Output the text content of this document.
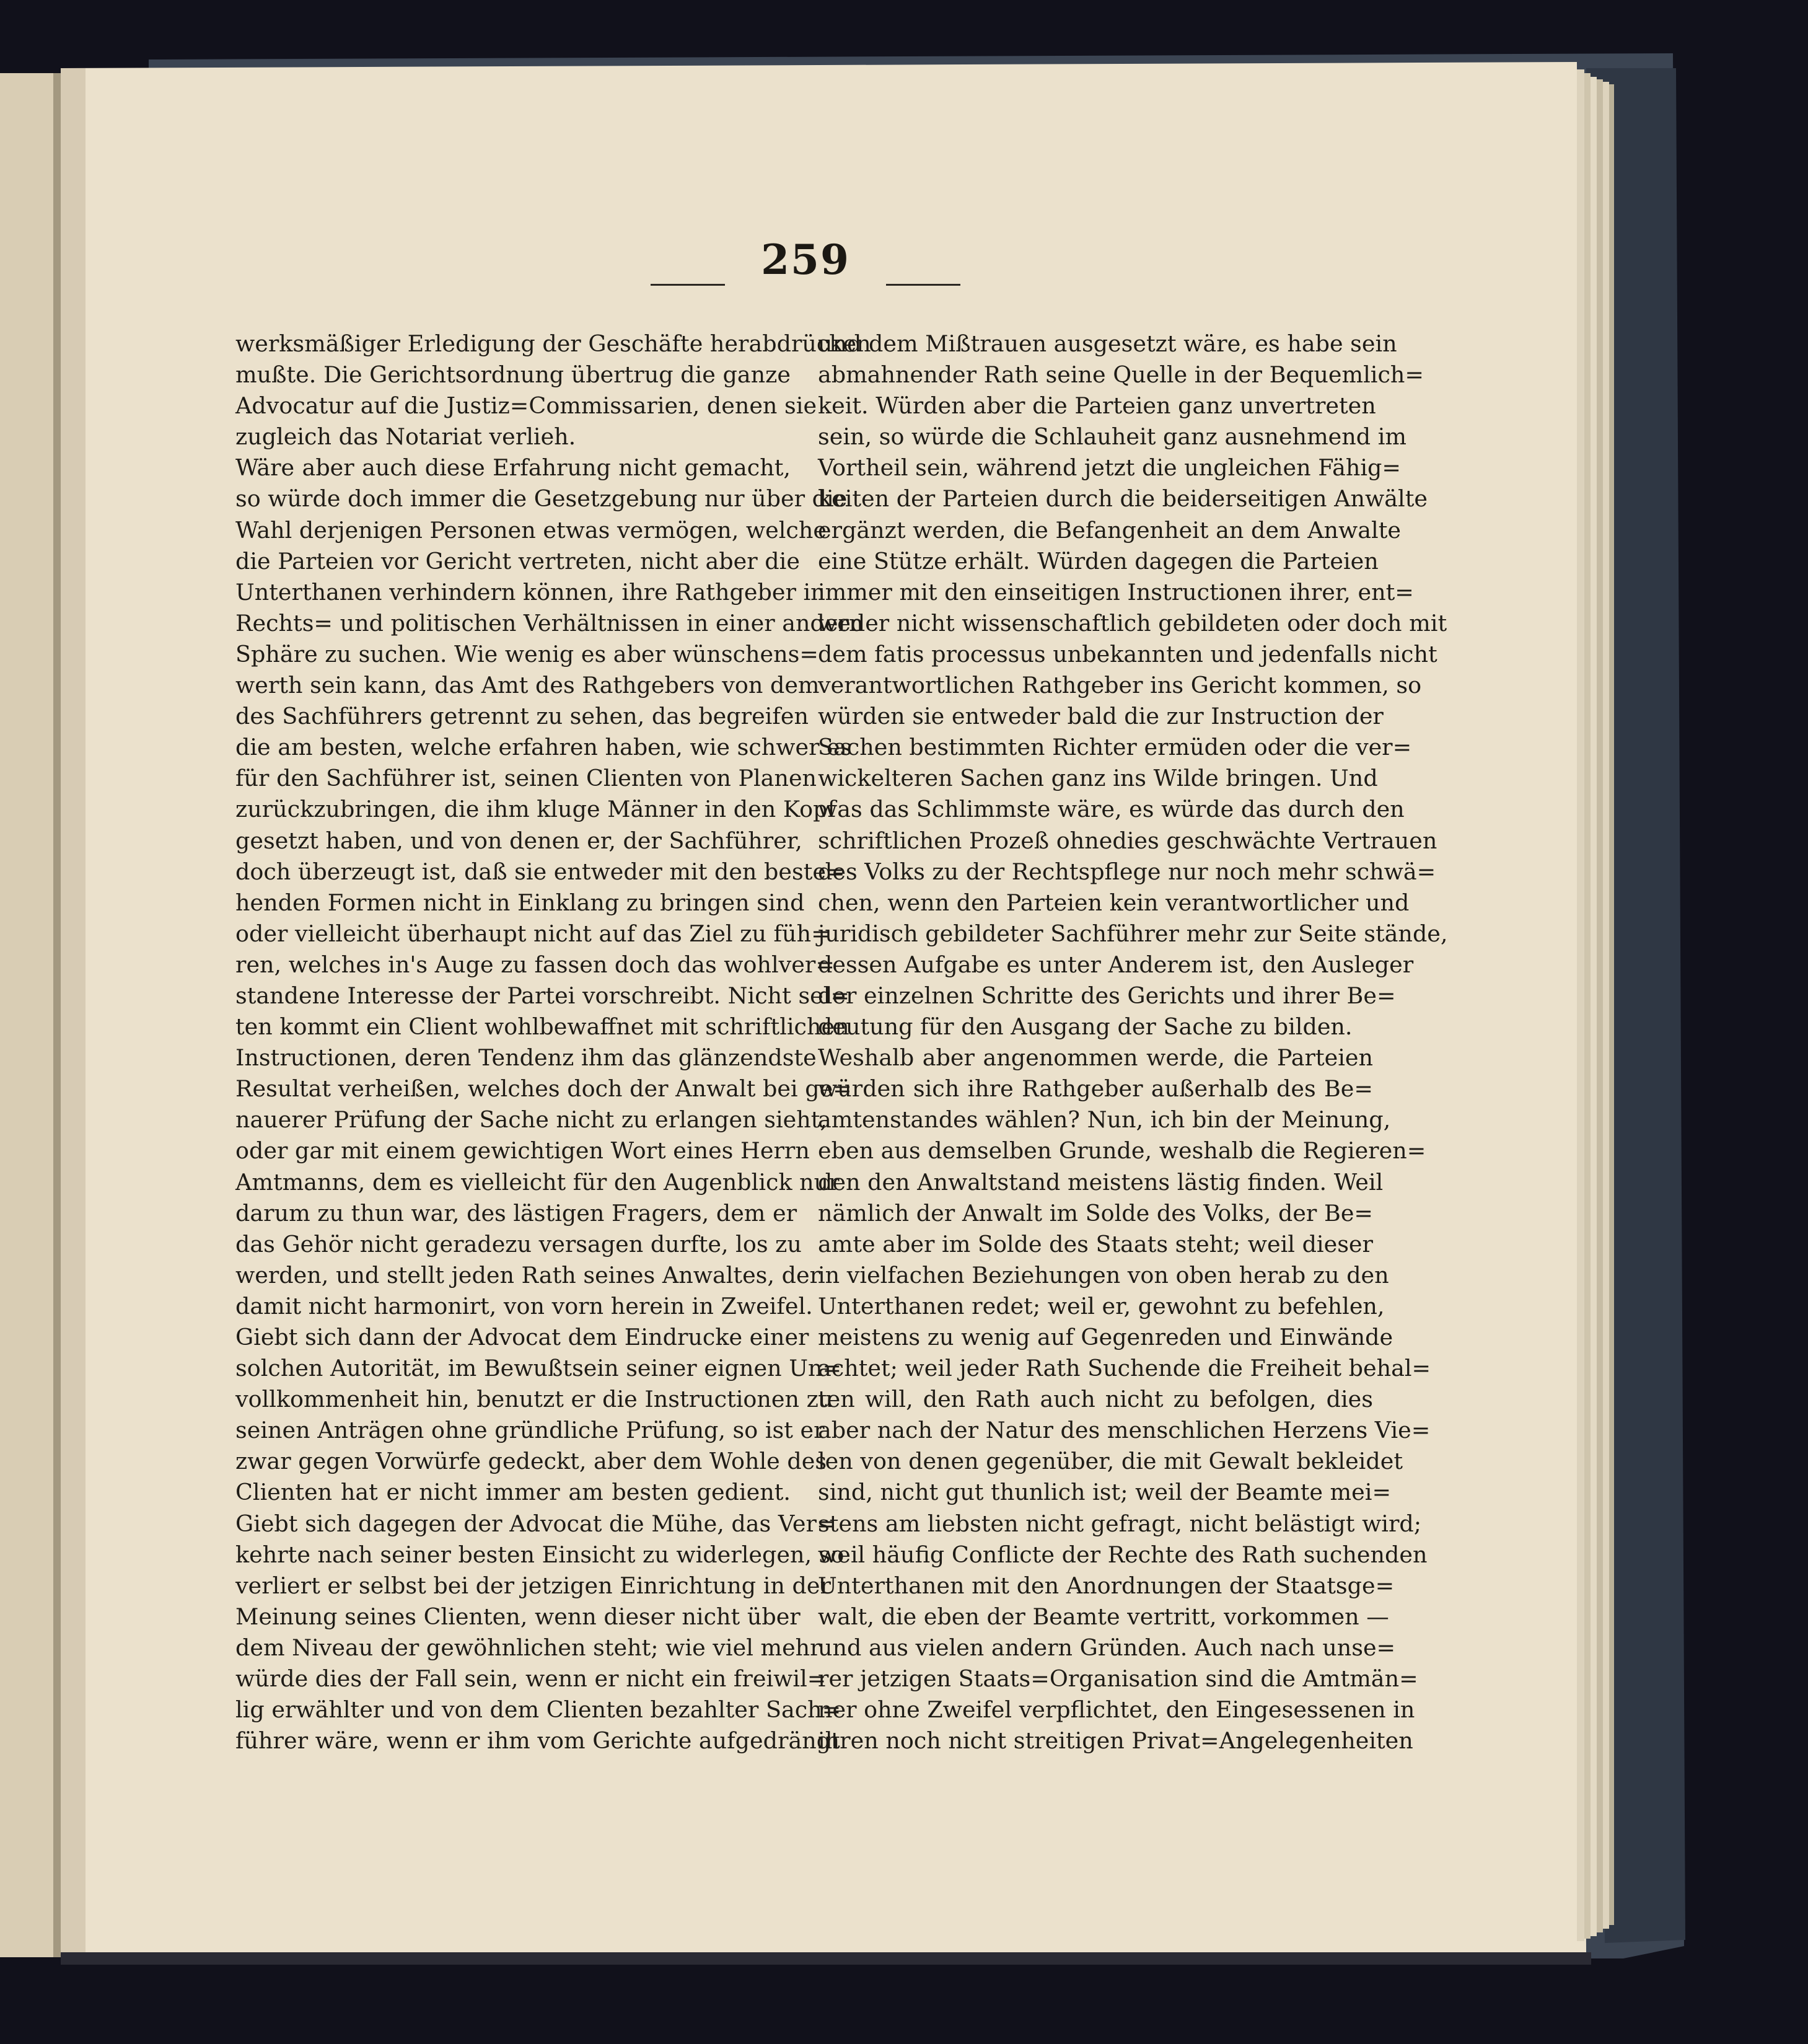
259
werksmäßiger Erledigung der Geschäfte herabdrücken
mußte. Die Gerichtsordnung übertrug die ganze
Advocatur auf die Justiz=Commissarien, denen sie
zugleich das Notariat verlieh.
Wäre aber auch diese Erfahrung nicht gemacht,
so würde doch immer die Gesetzgebung nur über die
Wahl derjenigen Personen etwas vermögen, welche
die Parteien vor Gericht vertreten, nicht aber die
Unterthanen verhindern können, ihre Rathgeber in
Rechts= und politischen Verhältnissen in einer andern
Sphäre zu suchen. Wie wenig es aber wünschens=
werth sein kann, das Amt des Rathgebers von dem
des Sachführers getrennt zu sehen, das begreifen
die am besten, welche erfahren haben, wie schwer es
für den Sachführer ist, seinen Clienten von Planen
zurückzubringen, die ihm kluge Männer in den Kopf
gesetzt haben, und von denen er, der Sachführer,
doch überzeugt ist, daß sie entweder mit den beste=
henden Formen nicht in Einklang zu bringen sind
oder vielleicht überhaupt nicht auf das Ziel zu füh=
ren, welches in's Auge zu fassen doch das wohlver=
standene Interesse der Partei vorschreibt. Nicht sel=
ten kommt ein Client wohlbewaffnet mit schriftlichen
Instructionen, deren Tendenz ihm das glänzendste
Resultat verheißen, welches doch der Anwalt bei ge=
nauerer Prüfung der Sache nicht zu erlangen sieht,
oder gar mit einem gewichtigen Wort eines Herrn
Amtmanns, dem es vielleicht für den Augenblick nur
darum zu thun war, des lästigen Fragers, dem er
das Gehör nicht geradezu versagen durfte, los zu
werden, und stellt jeden Rath seines Anwaltes, der
damit nicht harmonirt, von vorn herein in Zweifel.
Giebt sich dann der Advocat dem Eindrucke einer
solchen Autorität, im Bewußtsein seiner eignen Un=
vollkommenheit hin, benutzt er die Instructionen zu
seinen Anträgen ohne gründliche Prüfung, so ist er
zwar gegen Vorwürfe gedeckt, aber dem Wohle des
Clienten hat er nicht immer am besten gedient.
Giebt sich dagegen der Advocat die Mühe, das Ver=
kehrte nach seiner besten Einsicht zu widerlegen, so
verliert er selbst bei der jetzigen Einrichtung in der
Meinung seines Clienten, wenn dieser nicht über
dem Niveau der gewöhnlichen steht; wie viel mehr
würde dies der Fall sein, wenn er nicht ein freiwil=
lig erwählter und von dem Clienten bezahlter Sach=
führer wäre, wenn er ihm vom Gerichte aufgedrängt
und dem Mißtrauen ausgesetzt wäre, es habe sein
abmahnender Rath seine Quelle in der Bequemlich=
keit. Würden aber die Parteien ganz unvertreten
sein, so würde die Schlauheit ganz ausnehmend im
Vortheil sein, während jetzt die ungleichen Fähig=
keiten der Parteien durch die beiderseitigen Anwälte
ergänzt werden, die Befangenheit an dem Anwalte
eine Stütze erhält. Würden dagegen die Parteien
immer mit den einseitigen Instructionen ihrer, ent=
weder nicht wissenschaftlich gebildeten oder doch mit
dem fatis processus unbekannten und jedenfalls nicht
verantwortlichen Rathgeber ins Gericht kommen, so
würden sie entweder bald die zur Instruction der
Sachen bestimmten Richter ermüden oder die ver=
wickelteren Sachen ganz ins Wilde bringen. Und
was das Schlimmste wäre, es würde das durch den
schriftlichen Prozeß ohnedies geschwächte Vertrauen
des Volks zu der Rechtspflege nur noch mehr schwä=
chen, wenn den Parteien kein verantwortlicher und
juridisch gebildeter Sachführer mehr zur Seite stände,
dessen Aufgabe es unter Anderem ist, den Ausleger
der einzelnen Schritte des Gerichts und ihrer Be=
deutung für den Ausgang der Sache zu bilden.
Weshalb aber angenommen werde, die Parteien
würden sich ihre Rathgeber außerhalb des Be=
amtenstandes wählen? Nun, ich bin der Meinung,
eben aus demselben Grunde, weshalb die Regieren=
den den Anwaltstand meistens lästig finden. Weil
nämlich der Anwalt im Solde des Volks, der Be=
amte aber im Solde des Staats steht; weil dieser
in vielfachen Beziehungen von oben herab zu den
Unterthanen redet; weil er, gewohnt zu befehlen,
meistens zu wenig auf Gegenreden und Einwände
achtet; weil jeder Rath Suchende die Freiheit behal=
ten will, den Rath auch nicht zu befolgen, dies
aber nach der Natur des menschlichen Herzens Vie=
len von denen gegenüber, die mit Gewalt bekleidet
sind, nicht gut thunlich ist; weil der Beamte mei=
stens am liebsten nicht gefragt, nicht belästigt wird;
weil häufig Conflicte der Rechte des Rath suchenden
Unterthanen mit den Anordnungen der Staatsge=
walt, die eben der Beamte vertritt, vorkommen —
und aus vielen andern Gründen. Auch nach unse=
rer jetzigen Staats=Organisation sind die Amtmän=
ner ohne Zweifel verpflichtet, den Eingesessenen in
ihren noch nicht streitigen Privat=Angelegenheiten
